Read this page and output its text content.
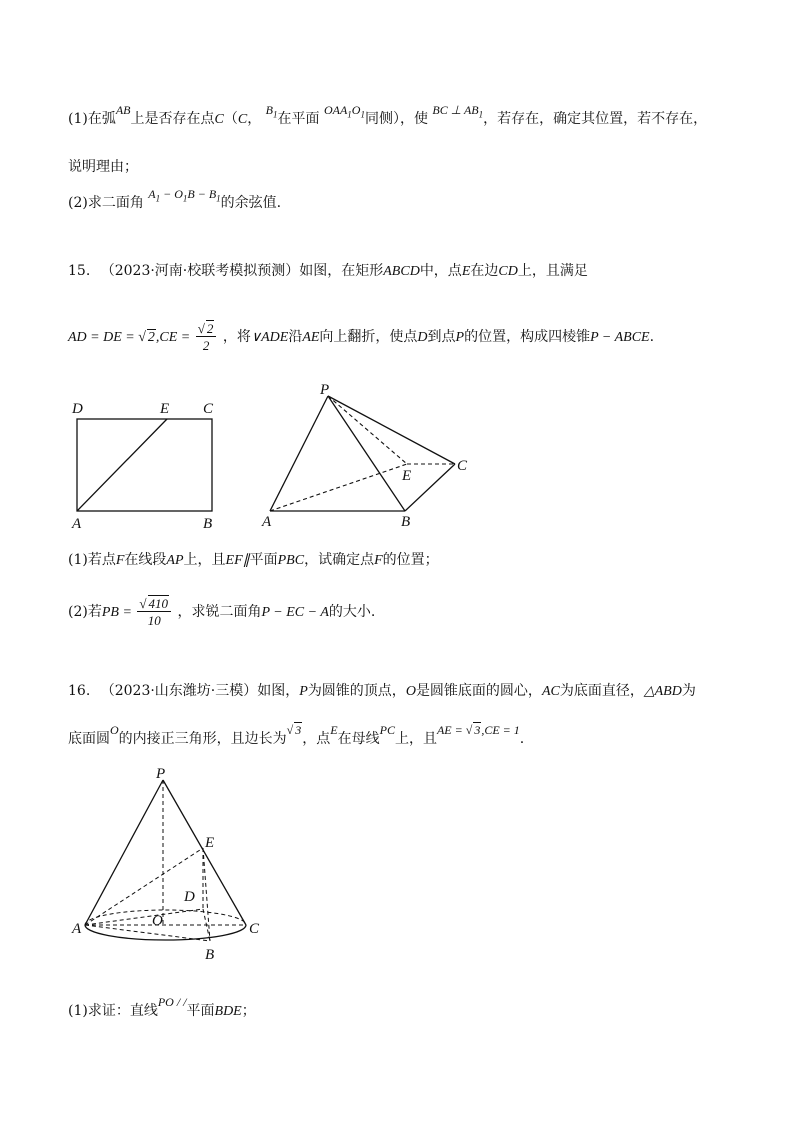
(1)在弧AB上是否存在点C（C， $B_1$在平面 $OAA_1O_1$同侧），使 BC ⊥ $AB_1$，若存在，确定其位置，若不存在，
说明理由；
(2)求二面角 $A_1 - O_1B - B_1$的余弦值.
15. （2023·河南·校联考模拟预测）如图，在矩形ABCD中，点E在边CD上，且满足
AD = DE = √ $2,CE = \frac{√ 2}{2}$ ，将∨ADE沿AE向上翻折，使点D到点P的位置，构成四棱锥P − ABCE.
D	E C
A	B
P
E
C
A	B
(1)若点F在线段AP上，且EF∥平面PBC，试确定点F的位置；
(2)若PB = $\frac{√ 410}{10}$ ，求锐二面角P − EC − A的大小.
16. （2023·山东潍坊·三模）如图，P为圆锥的顶点，O是圆锥底面的圆心，AC为底面直径，△ABD为
底面圆O的内接正三角形，且边长为√ 3，点E在母线PC上，且AE = √ 3,CE = 1.
P
E
D
O
A	C
B
(1)求证：直线PO / /平面BDE；
